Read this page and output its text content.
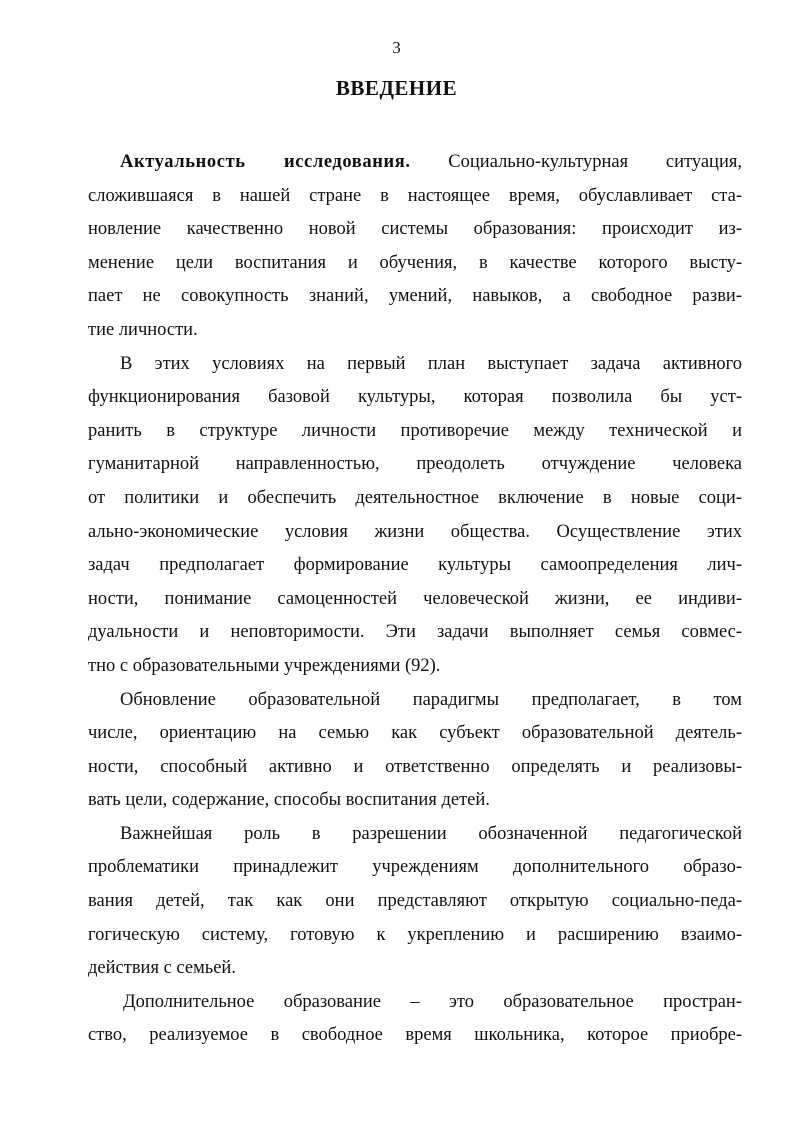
3
ВВЕДЕНИЕ
Актуальность исследования. Социально-культурная ситуация,
сложившаяся в нашей стране в настоящее время, обуславливает ста-
новление качественно новой системы образования: происходит из-
менение цели воспитания и обучения, в качестве которого высту-
пает не совокупность знаний, умений, навыков, а свободное разви-
тие личности.
В этих условиях на первый план выступает задача активного
функционирования базовой культуры, которая позволила бы уст-
ранить в структуре личности противоречие между технической и
гуманитарной направленностью, преодолеть отчуждение человека
от политики и обеспечить деятельностное включение в новые соци-
ально-экономические условия жизни общества. Осуществление этих
задач предполагает формирование культуры самоопределения лич-
ности, понимание самоценностей человеческой жизни, ее индиви-
дуальности и неповторимости. Эти задачи выполняет семья совмес-
тно с образовательными учреждениями (92).
Обновление образовательной парадигмы предполагает, в том
числе, ориентацию на семью как субъект образовательной деятель-
ности, способный активно и ответственно определять и реализовы-
вать цели, содержание, способы воспитания детей.
Важнейшая роль в разрешении обозначенной педагогической
проблематики принадлежит учреждениям дополнительного образо-
вания детей, так как они представляют открытую социально-педа-
гогическую систему, готовую к укреплению и расширению взаимо-
действия с семьей.
Дополнительное образование – это образовательное простран-
ство, реализуемое в свободное время школьника, которое приобре-
